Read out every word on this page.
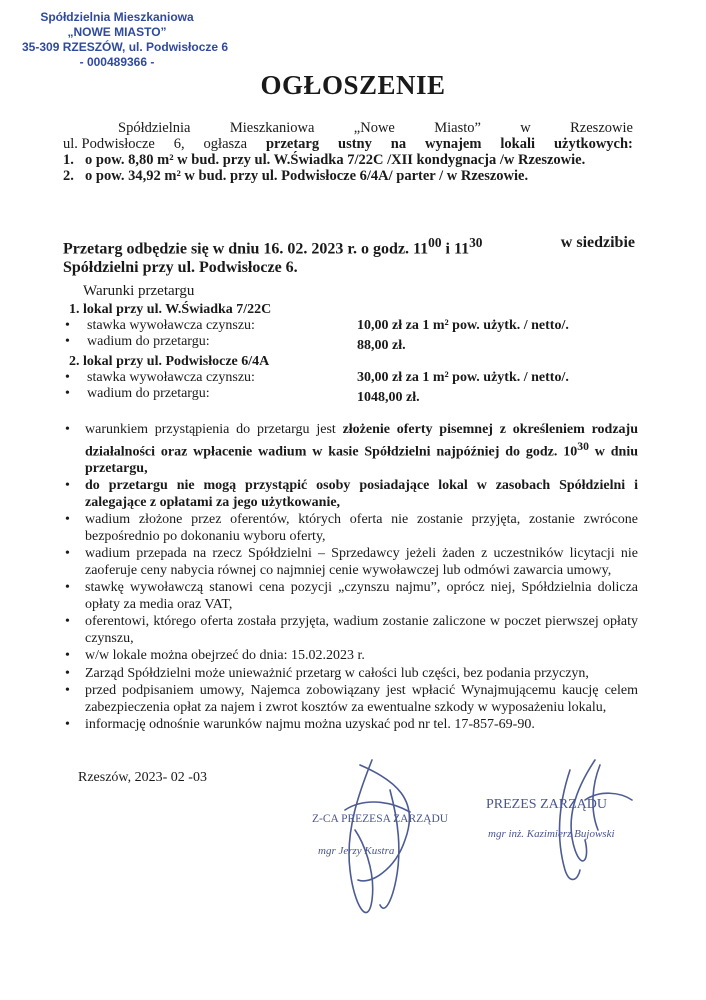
Spółdzielnia Mieszkaniowa
„NOWE MIASTO”
35-309 RZESZÓW, ul. Podwisłocze 6
- 000489366 -
OGŁOSZENIE
Spółdzielnia	Mieszkaniowa	„Nowe	Miasto”	w	Rzeszowie
ul. Podwisłocze 6, ogłasza przetarg ustny na wynajem lokali użytkowych:
1. o pow. 8,80 m² w bud. przy ul. W.Świadka 7/22C /XII kondygnacja /w Rzeszowie.
2. o pow. 34,92 m² w bud. przy ul. Podwisłocze 6/4A/ parter / w Rzeszowie.
Przetarg odbędzie się w dniu 16. 02. 2023 r. o godz. $11^{00}$ i $11^{30}$	w siedzibie
Spółdzielni przy ul. Podwisłocze 6.
Warunki przetargu
1. lokal przy ul. W.Świadka 7/22C
•	stawka wywoławcza czynszu:	10,00 zł za 1 m² pow. użytk. / netto/.
•	wadium do przetargu:	88,00 zł.
2. lokal przy ul. Podwisłocze 6/4A
•	stawka wywoławcza czynszu:	30,00 zł za 1 m² pow. użytk. / netto/.
•	wadium do przetargu:	1048,00 zł.
•	warunkiem przystąpienia do przetargu jest złożenie oferty pisemnej z określeniem rodzaju działalności oraz wpłacenie wadium w kasie Spółdzielni najpóźniej do godz. $10^{30}$ w dniu przetargu,
•	do przetargu nie mogą przystąpić osoby posiadające lokal w zasobach Spółdzielni i zalegające z opłatami za jego użytkowanie,
•	wadium złożone przez oferentów, których oferta nie zostanie przyjęta, zostanie zwrócone bezpośrednio po dokonaniu wyboru oferty,
•	wadium przepada na rzecz Spółdzielni – Sprzedawcy jeżeli żaden z uczestników licytacji nie zaoferuje ceny nabycia równej co najmniej cenie wywoławczej lub odmówi zawarcia umowy,
•	stawkę wywoławczą stanowi cena pozycji „czynszu najmu”, oprócz niej, Spółdzielnia dolicza opłaty za media oraz VAT,
•	oferentowi, którego oferta została przyjęta, wadium zostanie zaliczone w poczet pierwszej opłaty czynszu,
•	w/w lokale można obejrzeć do dnia: 15.02.2023 r.
•	Zarząd Spółdzielni może unieważnić przetarg w całości lub części, bez podania przyczyn,
•	przed podpisaniem umowy, Najemca zobowiązany jest wpłacić Wynajmującemu kaucję celem zabezpieczenia opłat za najem i zwrot kosztów za ewentualne szkody w wyposażeniu lokalu,
•	informację odnośnie warunków najmu można uzyskać pod nr tel. 17-857-69-90.
Rzeszów, 2023- 02 -03
Z-CA PREZESA ZARZĄDU
mgr Jerzy Kustra
PREZES ZARZĄDU
mgr inż. Kazimierz Bujowski
